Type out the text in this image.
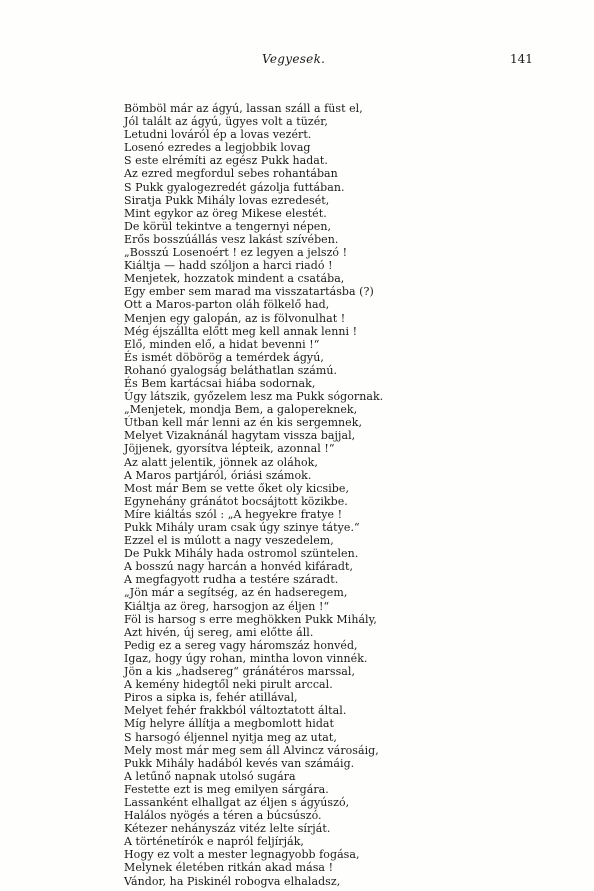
Vegyesek.	141
Bömböl már az ágyú, lassan száll a füst el,
Jól talált az ágyú, ügyes volt a tüzér,
Letudni lováról ép a lovas vezért.
Losenó ezredes a legjobbik lovag
S este elrémíti az egész Pukk hadat.
Az ezred megfordul sebes rohantában
S Pukk gyalogezredét gázolja futtában.
Siratja Pukk Mihály lovas ezredesét,
Mint egykor az öreg Mikese elestét.
De körül tekintve a tengernyi népen,
Erős bosszúállás vesz lakást szívében.
„Bosszú Losenoért ! ez legyen a jelszó !
Kiáltja — hadd szóljon a harci riadó !
Menjetek, hozzatok mindent a csatába,
Egy ember sem marad ma visszatartásba (?)
Ott a Maros-parton oláh fölkelő had,
Menjen egy galopán, az is fölvonulhat !
Még éjszállta előtt meg kell annak lenni !
Elő, minden elő, a hidat bevenni !“
És ismét döbörög a temérdek ágyú,
Rohanó gyalogság beláthatlan számú.
És Bem kartácsai hiába sodornak,
Úgy látszik, győzelem lesz ma Pukk sógornak.
„Menjetek, mondja Bem, a galopereknek,
Útban kell már lenni az én kis sergemnek,
Melyet Vizaknánál hagytam vissza bajjal,
Jöjjenek, gyorsítva lépteik, azonnal !“
Az alatt jelentik, jönnek az oláhok,
A Maros partjáról, óriási számok.
Most már Bem se vette őket oly kicsibe,
Egynehány gránátot bocsájtott közikbe.
Míre kiáltás szól : „A hegyekre fratye !
Pukk Mihály uram csak úgy szinye tátye.“
Ezzel el is múlott a nagy veszedelem,
De Pukk Mihály hada ostromol szüntelen.
A bosszú nagy harcán a honvéd kifáradt,
A megfagyott rudha a testére száradt.
„Jön már a segítség, az én hadseregem,
Kiáltja az öreg, harsogjon az éljen !“
Föl is harsog s erre meghökken Pukk Mihály,
Azt hivén, új sereg, ami előtte áll.
Pedig ez a sereg vagy háromszáz honvéd,
Igaz, hogy úgy rohan, mintha lovon vinnék.
Jön a kis „hadsereg“ gránátéros marssal,
A kemény hidegtől neki pirult arccal.
Piros a sipka is, fehér atillával,
Melyet fehér frakkból változtatott által.
Míg helyre állítja a megbomlott hidat
S harsogó éljennel nyitja meg az utat,
Mely most már meg sem áll Alvincz városáig,
Pukk Mihály hadából kevés van számáig.
A letűnő napnak utolsó sugára
Festette ezt is meg emilyen sárgára.
Lassanként elhallgat az éljen s ágyúszó,
Halálos nyögés a téren a búcsúszó.
Kétezer nehányszáz vitéz lelte sírját.
A történetírók e napról feljírják,
Hogy ez volt a mester legnagyobb fogása,
Melynek életében ritkán akad mása !
Vándor, ha Piskinél robogva elhaladsz,
